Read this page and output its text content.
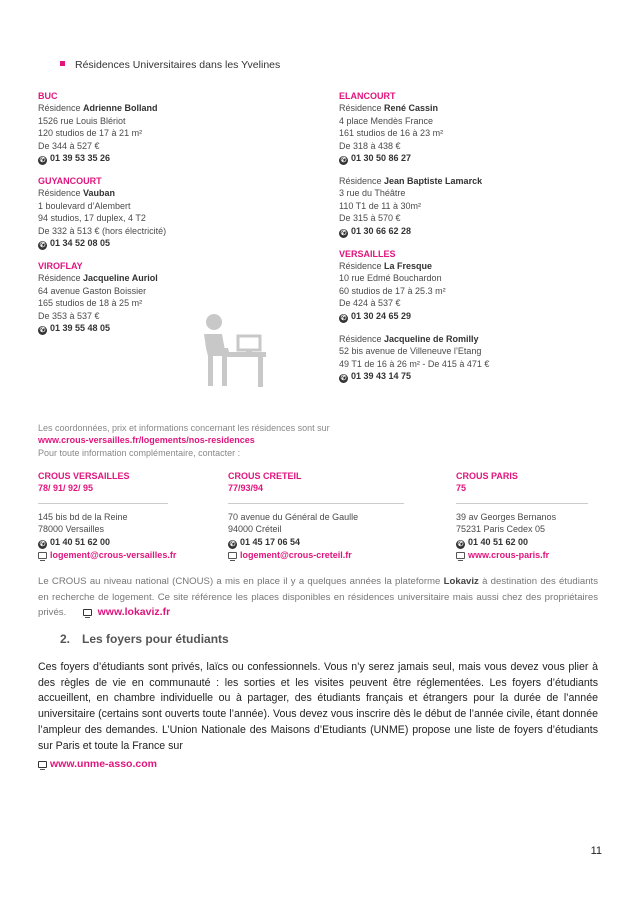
Résidences Universitaires dans les Yvelines
BUC
Résidence Adrienne Bolland
1526 rue Louis Blériot
120 studios de 17 à 21 m²
De 344 à 527 €
✆ 01 39 53 35 26
GUYANCOURT
Résidence Vauban
1 boulevard d’Alembert
94 studios, 17 duplex, 4 T2
De 332 à 513 € (hors électricité)
✆ 01 34 52 08 05
VIROFLAY
Résidence Jacqueline Auriol
64 avenue Gaston Boissier
165 studios de 18 à 25 m²
De 353 à 537 €
✆ 01 39 55 48 05
ELANCOURT
Résidence René Cassin
4 place Mendès France
161 studios de 16 à 23 m²
De 318 à 438 €
✆ 01 30 50 86 27
Résidence Jean Baptiste Lamarck
3 rue du Théâtre
110 T1 de 11 à 30m²
De 315 à 570 €
✆ 01 30 66 62 28
VERSAILLES
Résidence La Fresque
10 rue Edmé Bouchardon
60 studios de 17 à 25.3 m²
De 424 à 537 €
✆ 01 30 24 65 29
Résidence Jacqueline de Romilly
52 bis avenue de Villeneuve l’Etang
49 T1 de 16 à 26 m² - De 415 à 471 €
✆ 01 39 43 14 75
Les coordonnées, prix et informations concernant les résidences sont sur
www.crous-versailles.fr/logements/nos-residences
Pour toute information complémentaire, contacter :
CROUS VERSAILLES
78/ 91/ 92/ 95
145 bis bd de la Reine
78000 Versailles
✆ 01 40 51 62 00
logement@crous-versailles.fr
CROUS CRETEIL
77/93/94
70 avenue du Général de Gaulle
94000 Créteil
✆ 01 45 17 06 54
logement@crous-creteil.fr
CROUS PARIS
75
39 av Georges Bernanos
75231 Paris Cedex 05
✆ 01 40 51 62 00
www.crous-paris.fr
Le CROUS au niveau national (CNOUS) a mis en place il y a quelques années la plateforme Lokaviz à destination des étudiants en recherche de logement. Ce site référence les places disponibles en résidences universitaire mais aussi chez des propriétaires privés.	www.lokaviz.fr
2. Les foyers pour étudiants
Ces foyers d’étudiants sont privés, laïcs ou confessionnels. Vous n’y serez jamais seul, mais vous devez vous plier à des règles de vie en communauté : les sorties et les visites peuvent être réglementées. Les foyers d’étudiants accueillent, en chambre individuelle ou à partager, des étudiants français et étrangers pour la durée de l’année universitaire (certains sont ouverts toute l’année). Vous devez vous inscrire dès le début de l’année civile, étant donnée l’ampleur des demandes. L’Union Nationale des Maisons d’Etudiants (UNME) propose une liste de foyers d’étudiants sur Paris et toute la France sur
www.unme-asso.com
11
